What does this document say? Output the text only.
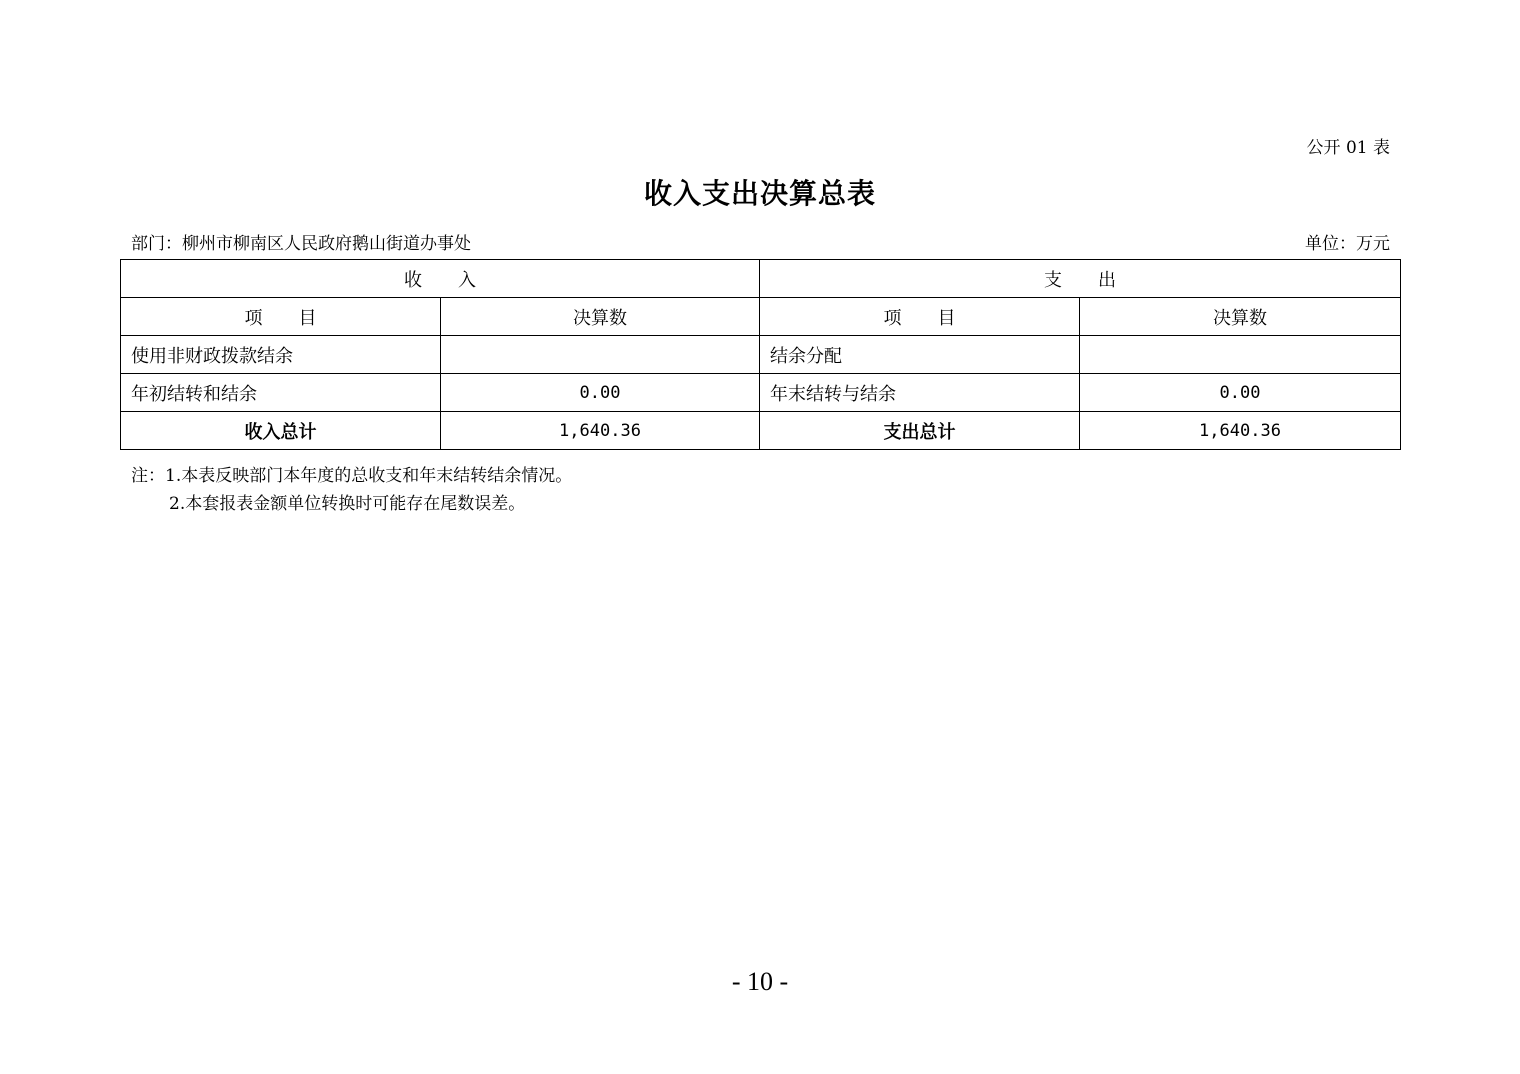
公开 01 表
收入支出决算总表
部门：柳州市柳南区人民政府鹅山街道办事处	单位：万元
收　　入		支　　出	
项　　目	决算数	项　　目	决算数
使用非财政拨款结余		结余分配	
年初结转和结余	0.00	年末结转与结余	0.00
收入总计	1,640.36	支出总计	1,640.36
注：1.本表反映部门本年度的总收支和年末结转结余情况。
2.本套报表金额单位转换时可能存在尾数误差。
- 10 -
